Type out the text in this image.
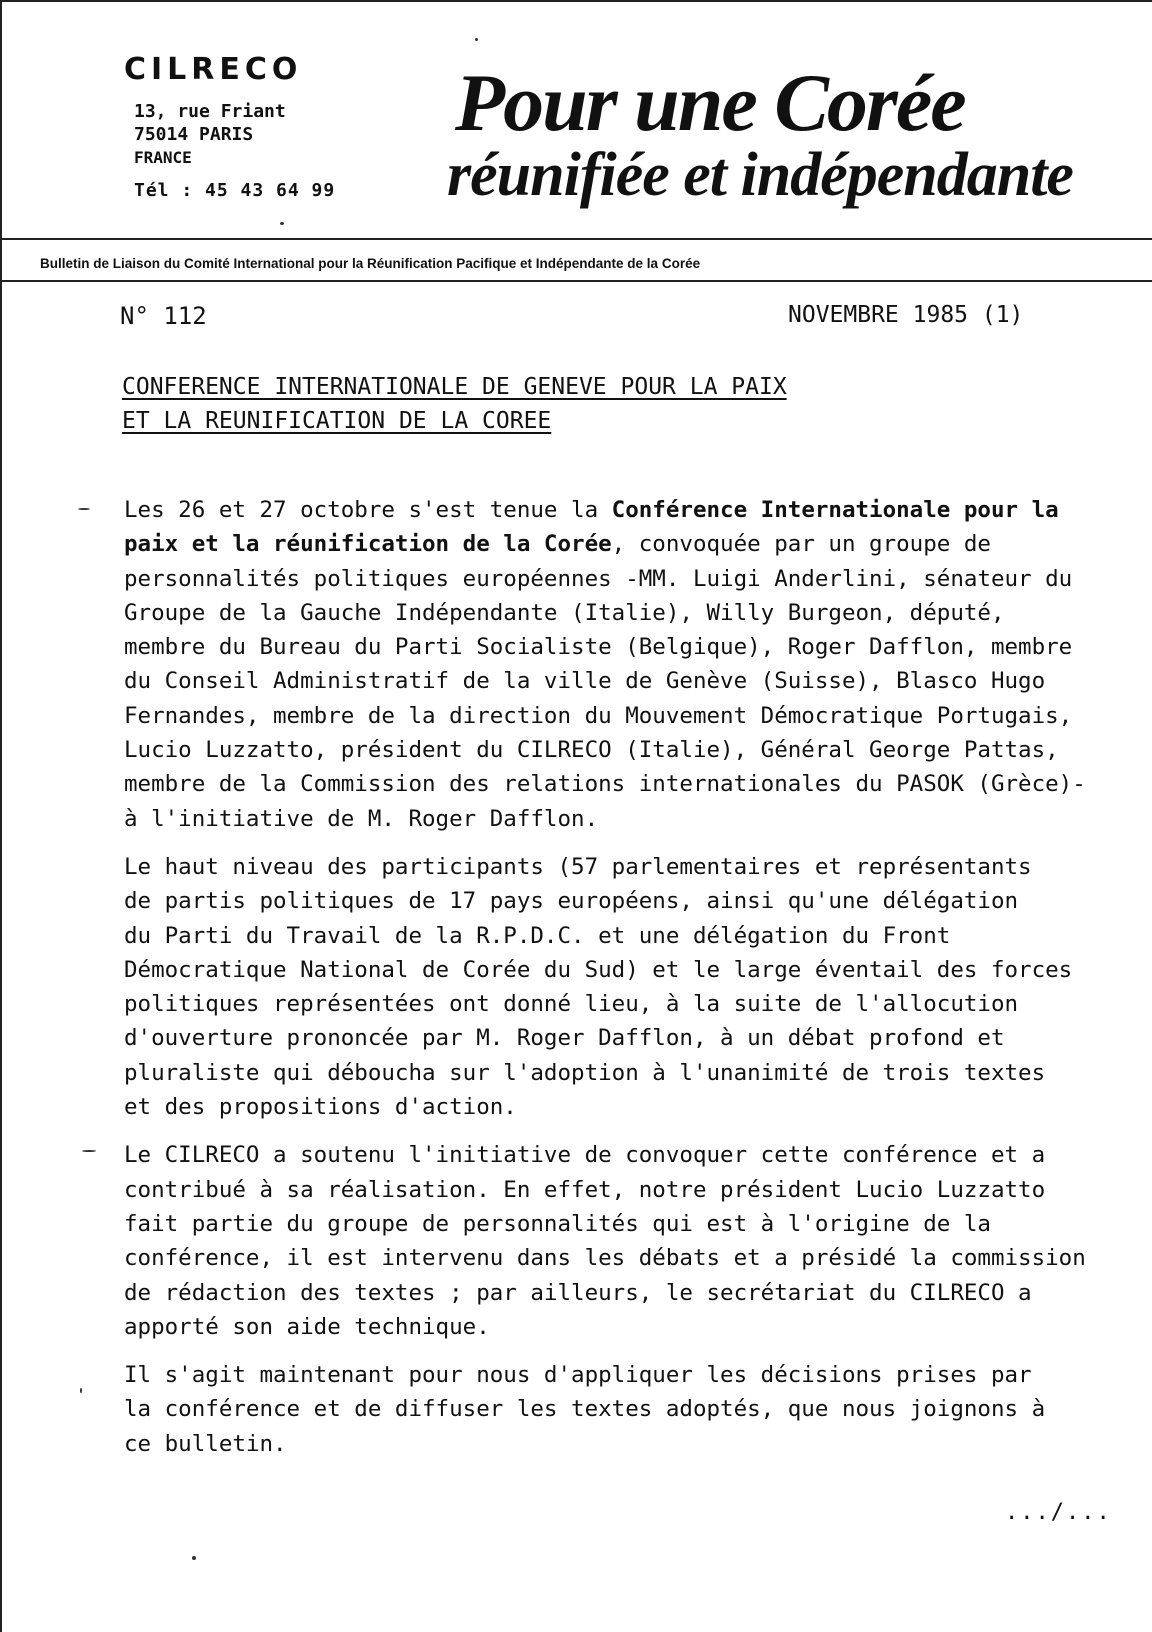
CILRECO
13, rue Friant
75014 PARIS
FRANCE
Tél : 45 43 64 99
Pour une Corée
réunifiée et indépendante
Bulletin de Liaison du Comité International pour la Réunification Pacifique et Indépendante de la Corée
N° 112	NOVEMBRE 1985 (1)
CONFERENCE INTERNATIONALE DE GENEVE POUR LA PAIX
ET LA REUNIFICATION DE LA COREE

Les 26 et 27 octobre s'est tenue la Conférence Internationale pour la
paix et la réunification de la Corée, convoquée par un groupe de
personnalités politiques européennes -MM. Luigi Anderlini, sénateur du
Groupe de la Gauche Indépendante (Italie), Willy Burgeon, député,
membre du Bureau du Parti Socialiste (Belgique), Roger Dafflon, membre
du Conseil Administratif de la ville de Genève (Suisse), Blasco Hugo
Fernandes, membre de la direction du Mouvement Démocratique Portugais,
Lucio Luzzatto, président du CILRECO (Italie), Général George Pattas,
membre de la Commission des relations internationales du PASOK (Grèce)-
à l'initiative de M. Roger Dafflon.

Le haut niveau des participants (57 parlementaires et représentants
de partis politiques de 17 pays européens, ainsi qu'une délégation
du Parti du Travail de la R.P.D.C. et une délégation du Front
Démocratique National de Corée du Sud) et le large éventail des forces
politiques représentées ont donné lieu, à la suite de l'allocution
d'ouverture prononcée par M. Roger Dafflon, à un débat profond et
pluraliste qui déboucha sur l'adoption à l'unanimité de trois textes
et des propositions d'action.

Le CILRECO a soutenu l'initiative de convoquer cette conférence et a
contribué à sa réalisation. En effet, notre président Lucio Luzzatto
fait partie du groupe de personnalités qui est à l'origine de la
conférence, il est intervenu dans les débats et a présidé la commission
de rédaction des textes ; par ailleurs, le secrétariat du CILRECO a
apporté son aide technique.

Il s'agit maintenant pour nous d'appliquer les décisions prises par
la conférence et de diffuser les textes adoptés, que nous joignons à
ce bulletin.

.../...
